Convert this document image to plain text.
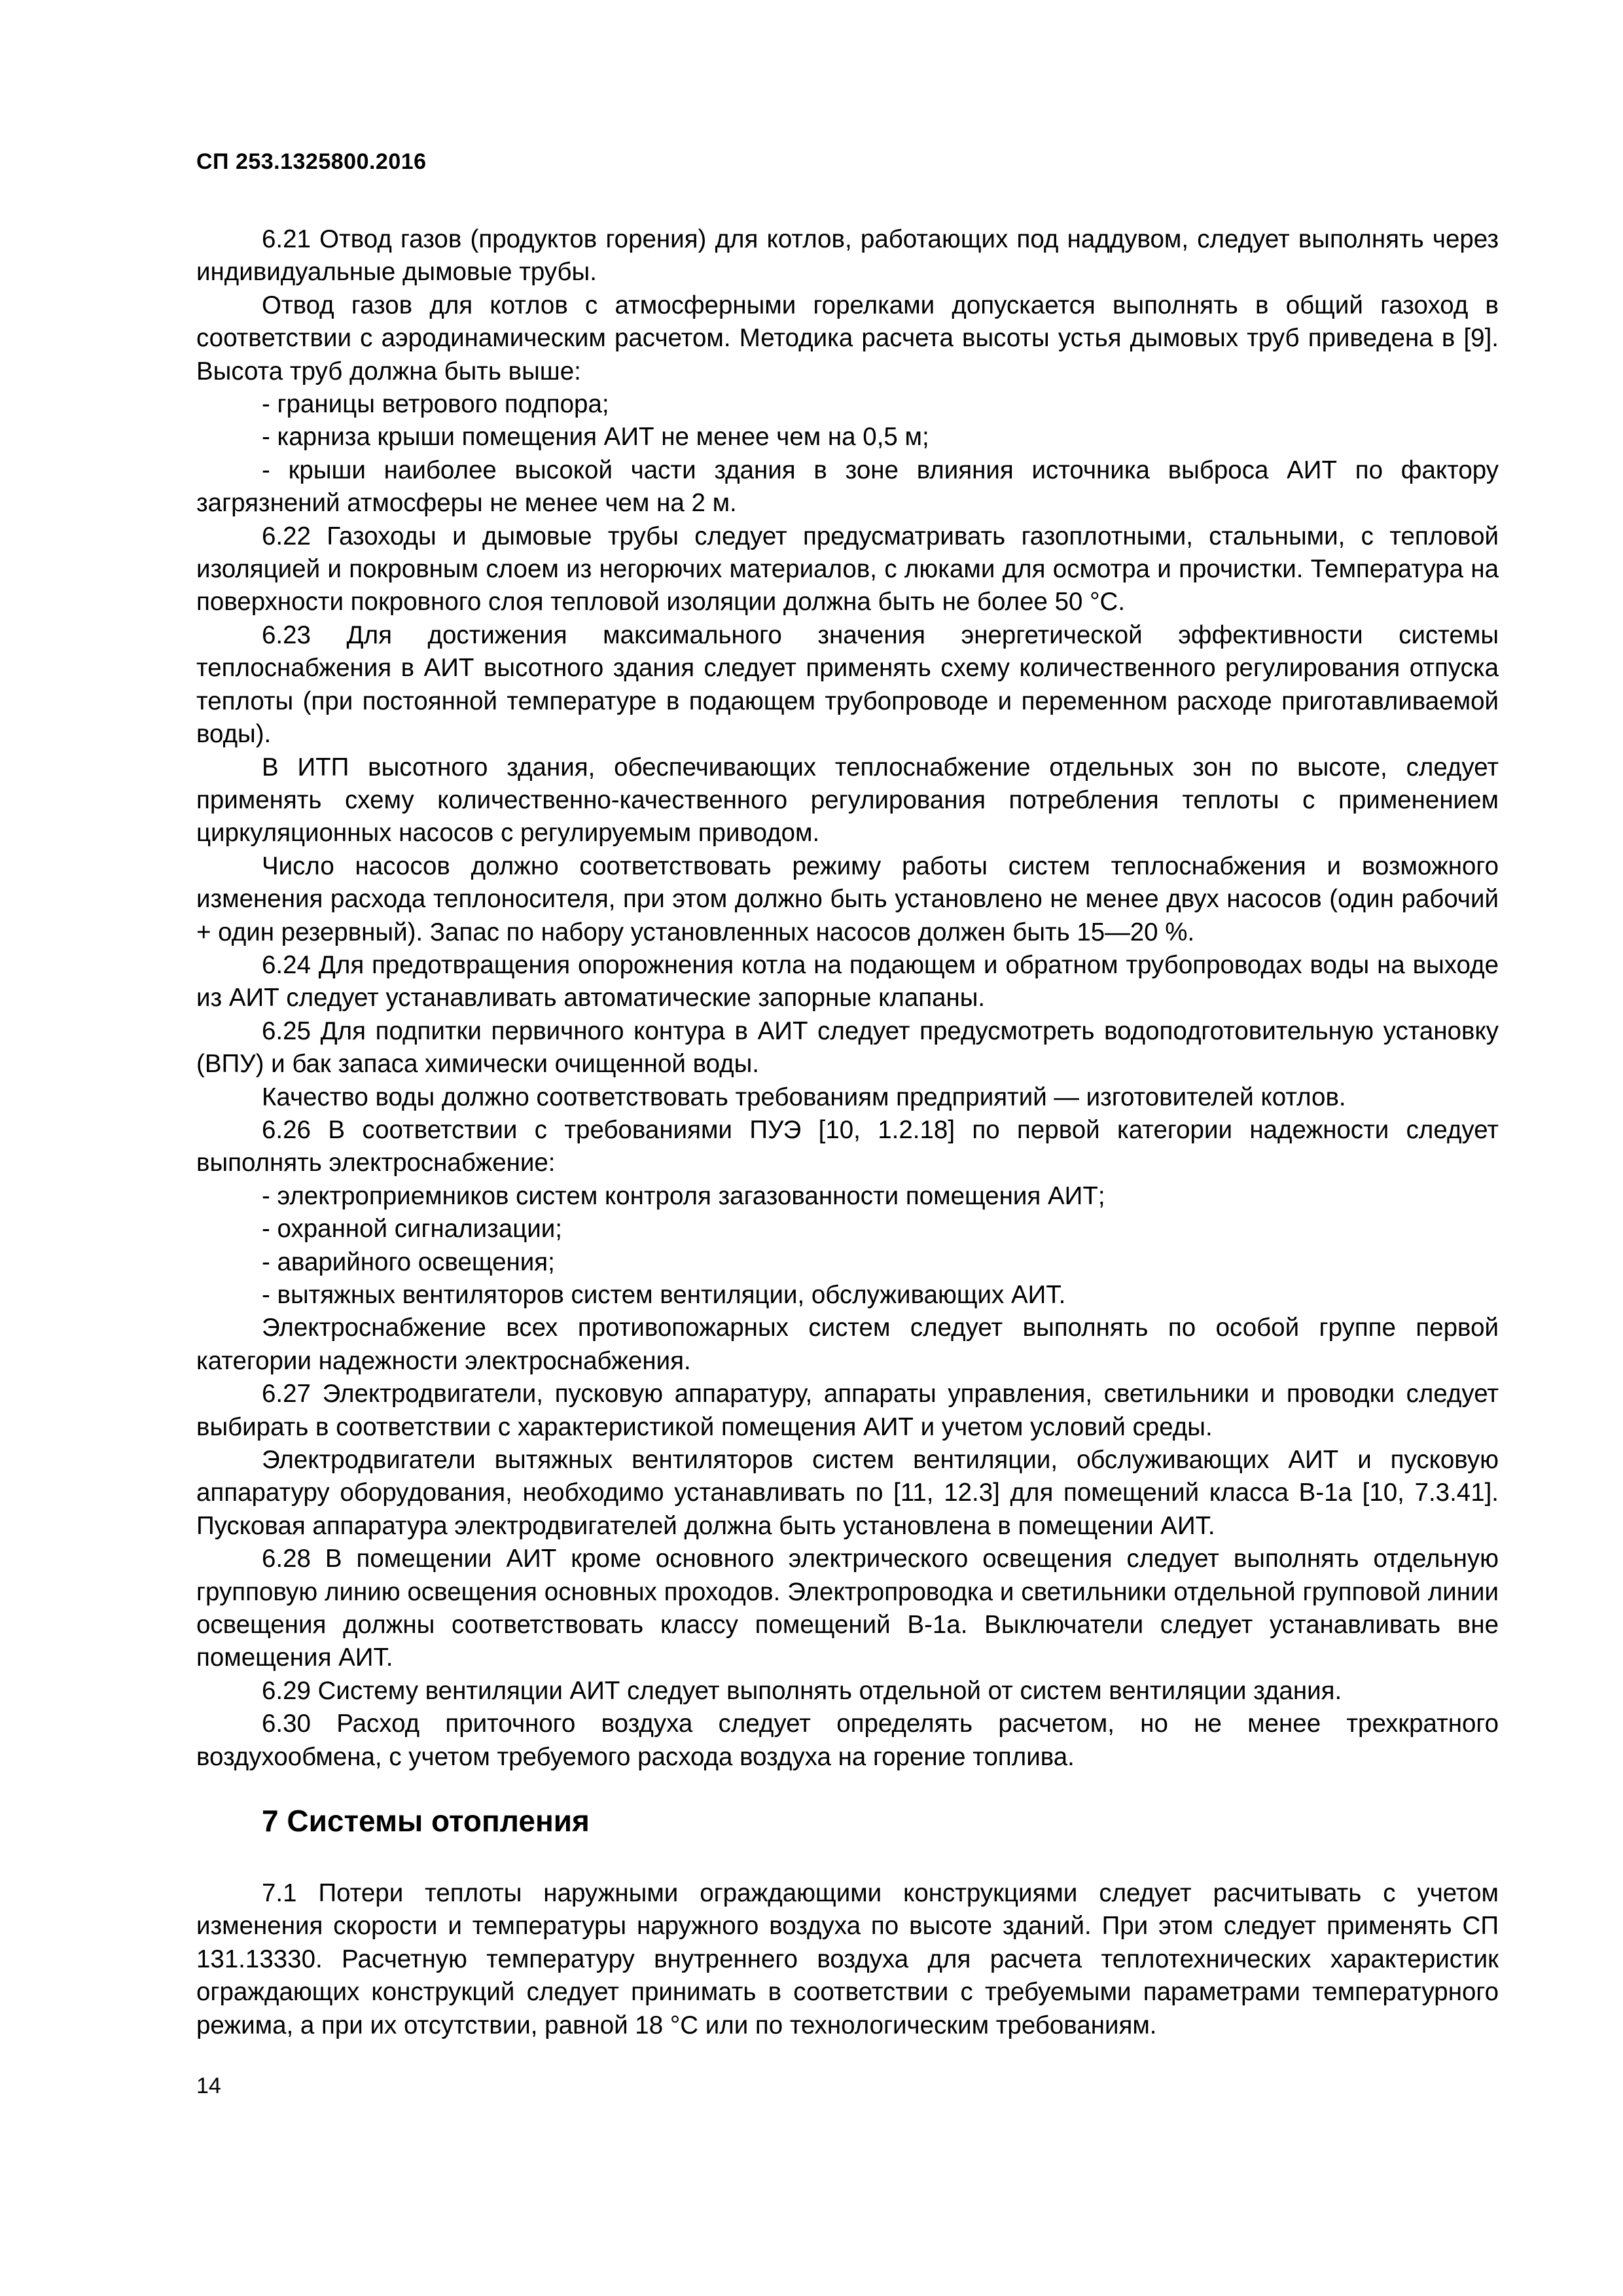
СП 253.1325800.2016

6.21 Отвод газов (продуктов горения) для котлов, работающих под наддувом, следует выполнять через индивидуальные дымовые трубы.

Отвод газов для котлов с атмосферными горелками допускается выполнять в общий газоход в соответствии с аэродинамическим расчетом. Методика расчета высоты устья дымовых труб приведена в [9]. Высота труб должна быть выше:

- границы ветрового подпора;

- карниза крыши помещения АИТ не менее чем на 0,5 м;

- крыши наиболее высокой части здания в зоне влияния источника выброса АИТ по фактору загрязнений атмосферы не менее чем на 2 м.

6.22 Газоходы и дымовые трубы следует предусматривать газоплотными, стальными, с тепловой изоляцией и покровным слоем из негорючих материалов, с люками для осмотра и прочистки. Температура на поверхности покровного слоя тепловой изоляции должна быть не более 50 °С.

6.23 Для достижения максимального значения энергетической эффективности системы теплоснабжения в АИТ высотного здания следует применять схему количественного регулирования отпуска теплоты (при постоянной температуре в подающем трубопроводе и переменном расходе приготавливаемой воды).

В ИТП высотного здания, обеспечивающих теплоснабжение отдельных зон по высоте, следует применять схему количественно-качественного регулирования потребления теплоты с применением циркуляционных насосов с регулируемым приводом.

Число насосов должно соответствовать режиму работы систем теплоснабжения и возможного изменения расхода теплоносителя, при этом должно быть установлено не менее двух насосов (один рабочий + один резервный). Запас по набору установленных насосов должен быть 15—20 %.

6.24 Для предотвращения опорожнения котла на подающем и обратном трубопроводах воды на выходе из АИТ следует устанавливать автоматические запорные клапаны.

6.25 Для подпитки первичного контура в АИТ следует предусмотреть водоподготовительную установку (ВПУ) и бак запаса химически очищенной воды.

Качество воды должно соответствовать требованиям предприятий — изготовителей котлов.

6.26 В соответствии с требованиями ПУЭ [10, 1.2.18] по первой категории надежности следует выполнять электроснабжение:

- электроприемников систем контроля загазованности помещения АИТ;

- охранной сигнализации;

- аварийного освещения;

- вытяжных вентиляторов систем вентиляции, обслуживающих АИТ.

Электроснабжение всех противопожарных систем следует выполнять по особой группе первой категории надежности электроснабжения.

6.27 Электродвигатели, пусковую аппаратуру, аппараты управления, светильники и проводки следует выбирать в соответствии с характеристикой помещения АИТ и учетом условий среды.

Электродвигатели вытяжных вентиляторов систем вентиляции, обслуживающих АИТ и пусковую аппаратуру оборудования, необходимо устанавливать по [11, 12.3] для помещений класса В-1а [10, 7.3.41]. Пусковая аппаратура электродвигателей должна быть установлена в помещении АИТ.

6.28 В помещении АИТ кроме основного электрического освещения следует выполнять отдельную групповую линию освещения основных проходов. Электропроводка и светильники отдельной групповой линии освещения должны соответствовать классу помещений В-1а. Выключатели следует устанавливать вне помещения АИТ.

6.29 Систему вентиляции АИТ следует выполнять отдельной от систем вентиляции здания.

6.30 Расход приточного воздуха следует определять расчетом, но не менее трехкратного воздухообмена, с учетом требуемого расхода воздуха на горение топлива.

7 Системы отопления

7.1 Потери теплоты наружными ограждающими конструкциями следует расчитывать с учетом изменения скорости и температуры наружного воздуха по высоте зданий. При этом следует применять СП 131.13330. Расчетную температуру внутреннего воздуха для расчета теплотехнических характеристик ограждающих конструкций следует принимать в соответствии с требуемыми параметрами температурного режима, а при их отсутствии, равной 18 °С или по технологическим требованиям.

14
